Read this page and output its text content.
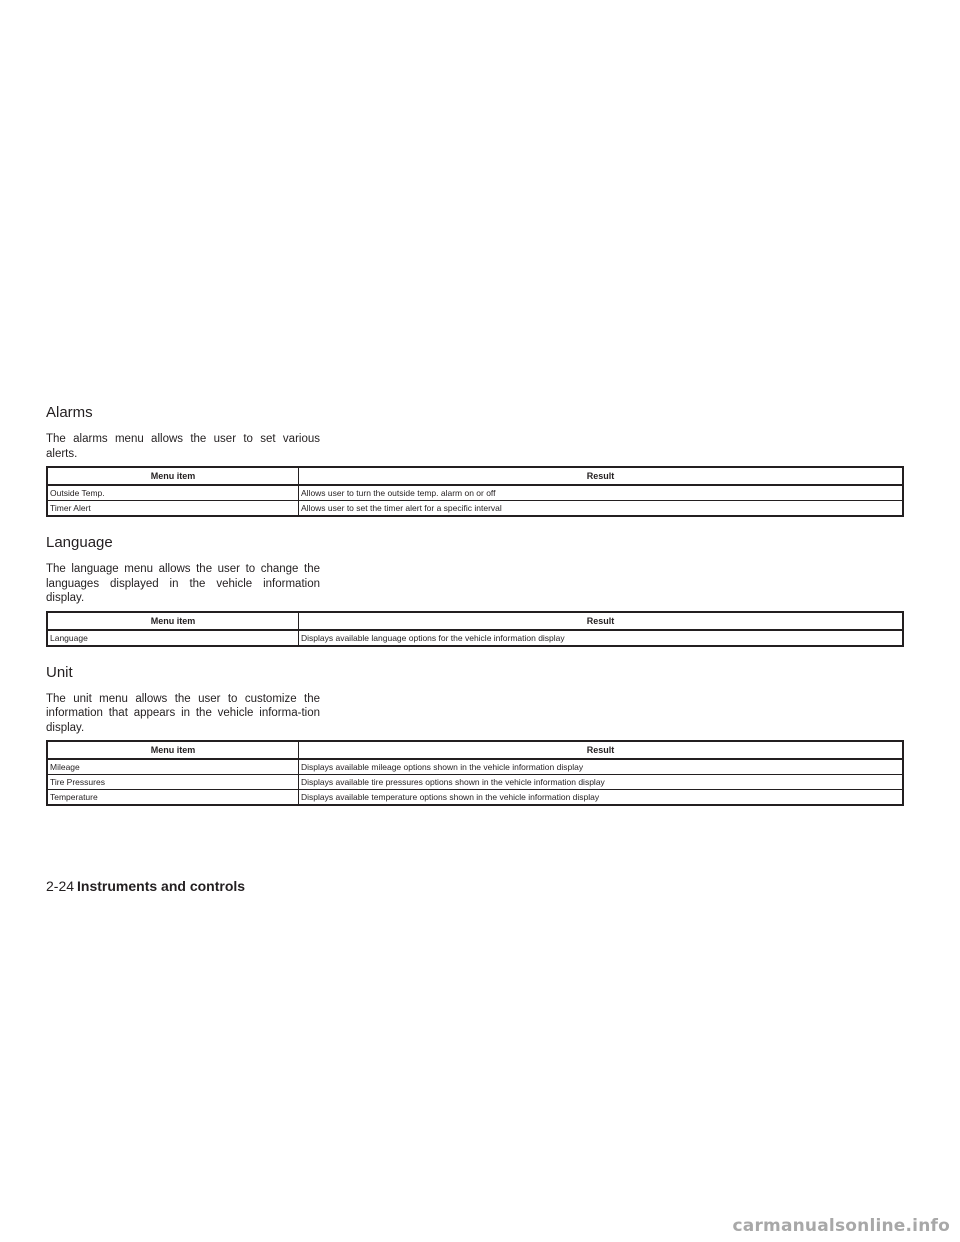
Alarms

The alarms menu allows the user to set various alerts.

Menu item	Result
Outside Temp.	Allows user to turn the outside temp. alarm on or off
Timer Alert	Allows user to set the timer alert for a specific interval
Language

The language menu allows the user to change the languages displayed in the vehicle information display.

Menu item	Result
Language	Displays available language options for the vehicle information display
Unit

The unit menu allows the user to customize the information that appears in the vehicle informa-tion display.

Menu item	Result
Mileage	Displays available mileage options shown in the vehicle information display
Tire Pressures	Displays available tire pressures options shown in the vehicle information display
Temperature	Displays available temperature options shown in the vehicle information display
2-24 Instruments and controls
carmanualsonline.info
